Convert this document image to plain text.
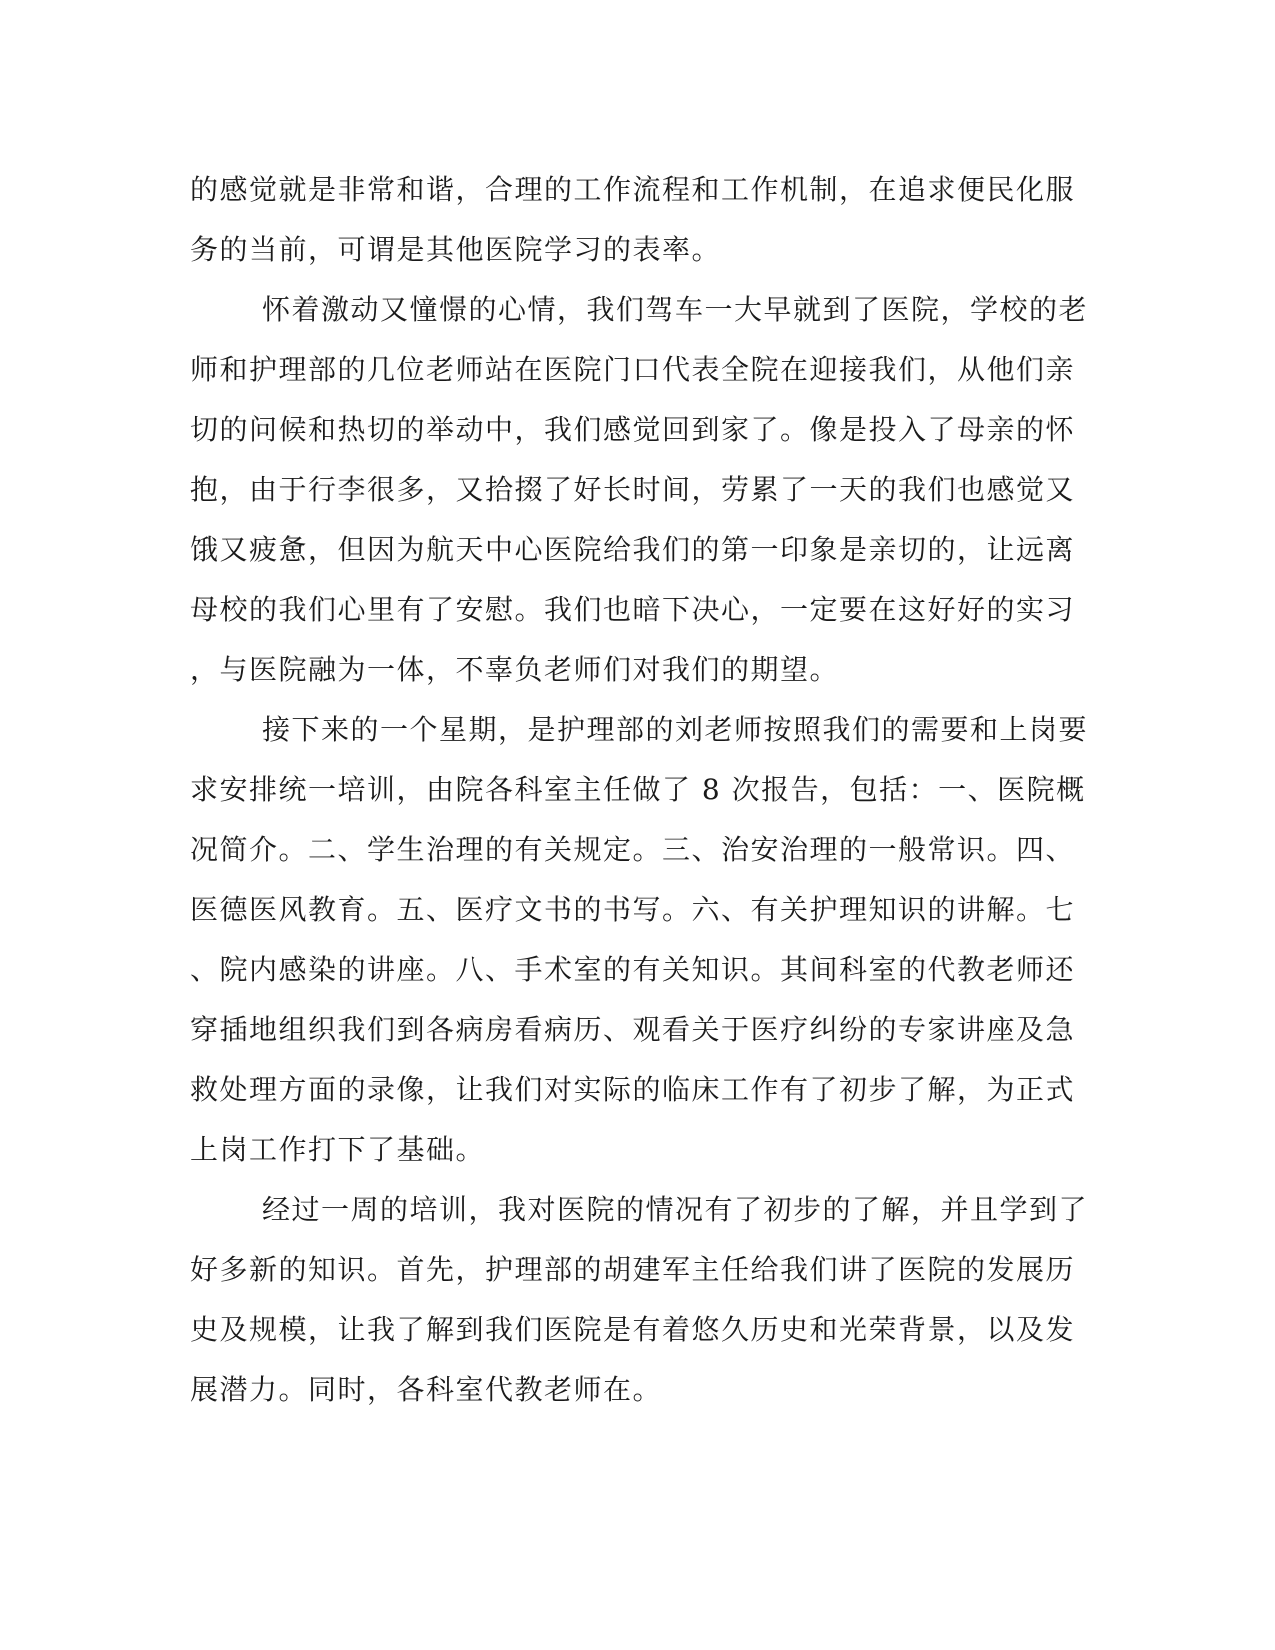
的感觉就是非常和谐，合理的工作流程和工作机制，在追求便民化服
务的当前，可谓是其他医院学习的表率。
怀着激动又憧憬的心情，我们驾车一大早就到了医院，学校的老
师和护理部的几位老师站在医院门口代表全院在迎接我们，从他们亲
切的问候和热切的举动中，我们感觉回到家了。像是投入了母亲的怀
抱，由于行李很多，又拾掇了好长时间，劳累了一天的我们也感觉又
饿又疲惫，但因为航天中心医院给我们的第一印象是亲切的，让远离
母校的我们心里有了安慰。我们也暗下决心，一定要在这好好的实习
，与医院融为一体，不辜负老师们对我们的期望。
接下来的一个星期，是护理部的刘老师按照我们的需要和上岗要
求安排统一培训，由院各科室主任做了 8 次报告，包括：一、医院概
况简介。二、学生治理的有关规定。三、治安治理的一般常识。四、
医德医风教育。五、医疗文书的书写。六、有关护理知识的讲解。七
、院内感染的讲座。八、手术室的有关知识。其间科室的代教老师还
穿插地组织我们到各病房看病历、观看关于医疗纠纷的专家讲座及急
救处理方面的录像，让我们对实际的临床工作有了初步了解，为正式
上岗工作打下了基础。
经过一周的培训，我对医院的情况有了初步的了解，并且学到了
好多新的知识。首先，护理部的胡建军主任给我们讲了医院的发展历
史及规模，让我了解到我们医院是有着悠久历史和光荣背景，以及发
展潜力。同时，各科室代教老师在。
